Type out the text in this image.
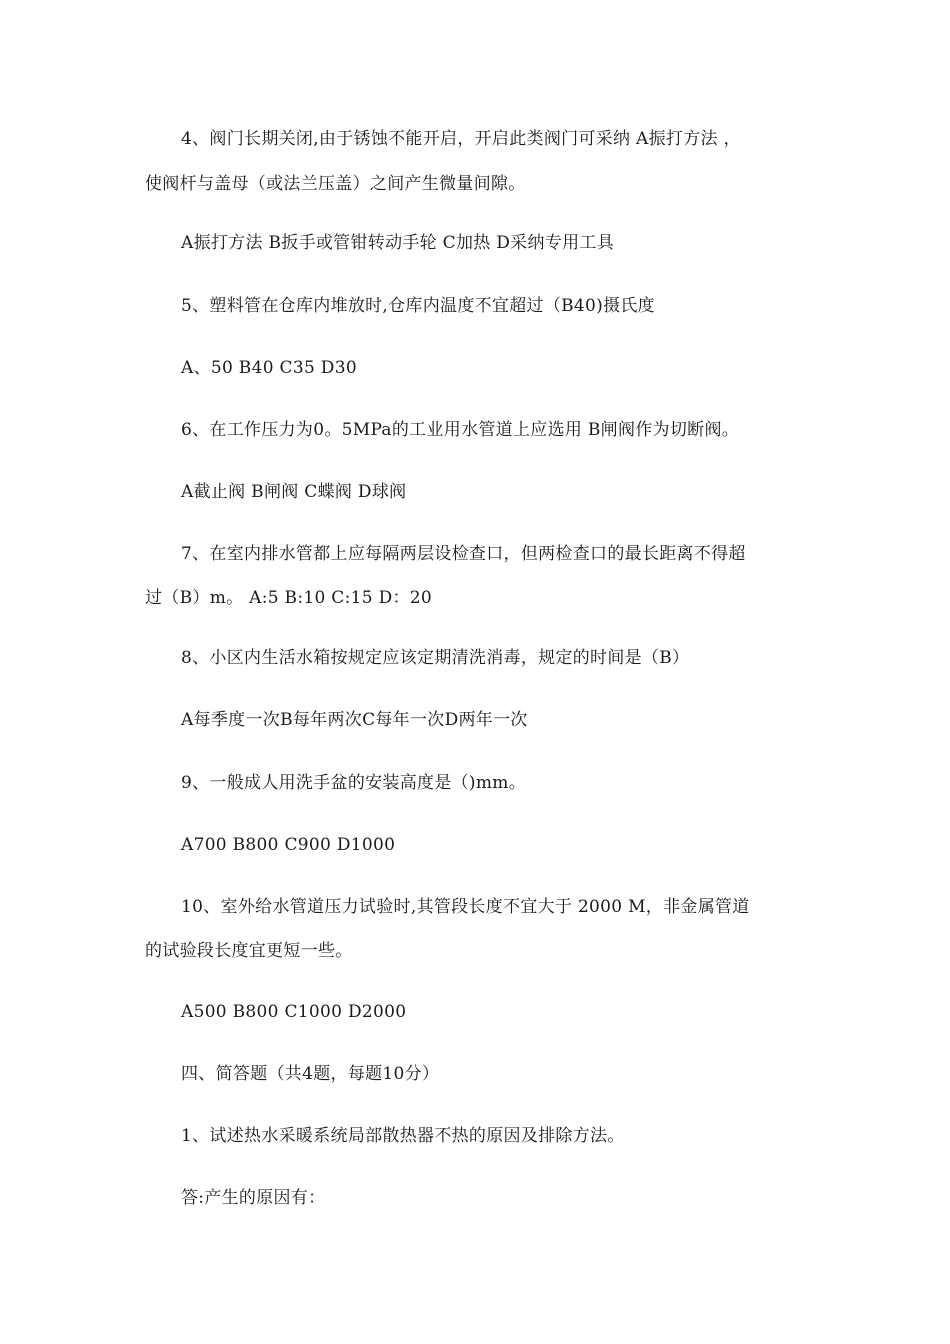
4、阀门长期关闭,由于锈蚀不能开启，开启此类阀门可采纳 A振打方法 ，
使阀杆与盖母（或法兰压盖）之间产生微量间隙。
A振打方法 B扳手或管钳转动手轮 C加热 D采纳专用工具
5、塑料管在仓库内堆放时,仓库内温度不宜超过（B40)摄氏度
A、50 B40 C35 D30
6、在工作压力为0。5MPa的工业用水管道上应选用 B闸阀作为切断阀。
A截止阀 B闸阀 C蝶阀 D球阀
7、在室内排水管都上应每隔两层设检查口，但两检查口的最长距离不得超
过（B）m。 A:5 B:10 C:15 D：20
8、小区内生活水箱按规定应该定期清洗消毒，规定的时间是（B）
A每季度一次B每年两次C每年一次D两年一次
9、一般成人用洗手盆的安装高度是（)mm。
A700 B800 C900 D1000
10、室外给水管道压力试验时,其管段长度不宜大于 2000 M，非金属管道
的试验段长度宜更短一些。
A500 B800 C1000 D2000
四、简答题（共4题，每题10分）
1、试述热水采暖系统局部散热器不热的原因及排除方法。
答:产生的原因有：
